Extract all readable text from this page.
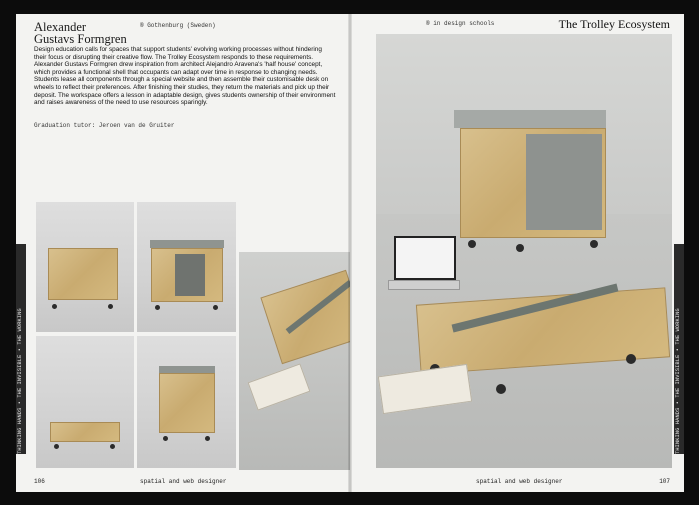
Alexander
Gustavs Formgren
® Gothenburg (Sweden)

Design education calls for spaces that support students' evolving working processes without hindering their focus or disrupting their creative flow. The Trolley Ecosystem responds to these requirements. Alexander Gustavs Formgren drew inspiration from architect Alejandro Aravena's 'half house' concept, which provides a functional shell that occupants can adapt over time in response to changing needs. Students lease all components through a special website and then assemble their customisable desk on wheels to reflect their preferences. After finishing their studies, they return the materials and pick up their deposit. The workspace offers a lesson in adaptable design, gives students ownership of their environment and raises awareness of the need to use resources sparingly.

Graduation tutor: Jeroen van de Gruiter
THINKING HANDS • THE INVISIBLE • THE WORKING
106	spatial and web designer
® in design schools	The Trolley Ecosystem
THINKING HANDS • THE INVISIBLE • THE WORKING
spatial and web designer	107
